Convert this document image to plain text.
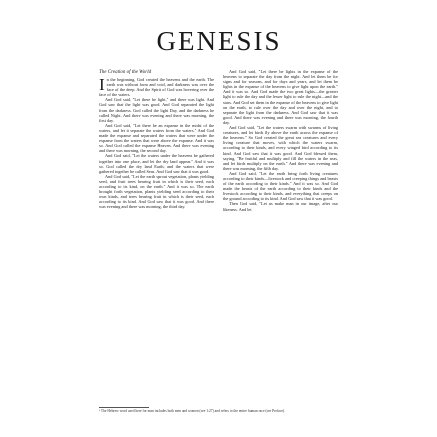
GENESIS
The Creation of the World

In the beginning, God created the heavens and the earth. The earth was without form and void, and darkness was over the face of the deep. And the Spirit of God was hovering over the face of the waters.

And God said, "Let there be light," and there was light. And God saw that the light was good. And God separated the light from the darkness. God called the light Day, and the darkness he called Night. And there was evening and there was morning, the first day.

And God said, "Let there be an expanse in the midst of the waters, and let it separate the waters from the waters." And God made the expanse and separated the waters that were under the expanse from the waters that were above the expanse. And it was so. And God called the expanse Heaven. And there was evening and there was morning, the second day.

And God said, "Let the waters under the heavens be gathered together into one place, and let the dry land appear." And it was so. God called the dry land Earth, and the waters that were gathered together he called Seas. And God saw that it was good.

And God said, "Let the earth sprout vegetation, plants yielding seed, and fruit trees bearing fruit in which is their seed, each according to its kind, on the earth." And it was so. The earth brought forth vegetation, plants yielding seed according to their own kinds, and trees bearing fruit in which is their seed, each according to its kind. And God saw that it was good. And there was evening and there was morning, the third day.

And God said, "Let there be lights in the expanse of the heavens to separate the day from the night. And let them be for signs and for seasons, and for days and years, and let them be lights in the expanse of the heavens to give light upon the earth." And it was so. And God made the two great lights—the greater light to rule the day and the lesser light to rule the night—and the stars. And God set them in the expanse of the heavens to give light on the earth, to rule over the day and over the night, and to separate the light from the darkness. And God saw that it was good. And there was evening and there was morning, the fourth day.

And God said, "Let the waters swarm with swarms of living creatures, and let birds fly above the earth across the expanse of the heavens." So God created the great sea creatures and every living creature that moves, with which the waters swarm, according to their kinds, and every winged bird according to its kind. And God saw that it was good. And God blessed them, saying, "Be fruitful and multiply and fill the waters in the seas, and let birds multiply on the earth." And there was evening and there was morning, the fifth day.

And God said, "Let the earth bring forth living creatures according to their kinds—livestock and creeping things and beasts of the earth according to their kinds." And it was so. And God made the beasts of the earth according to their kinds and the livestock according to their kinds, and everything that creeps on the ground according to its kind. And God saw that it was good.

Then God said, "Let us make man in our image, after our likeness. And let

¹ The Hebrew word used here for man includes both men and women (see 1:27) and refers to the entire human race (see Preface).
